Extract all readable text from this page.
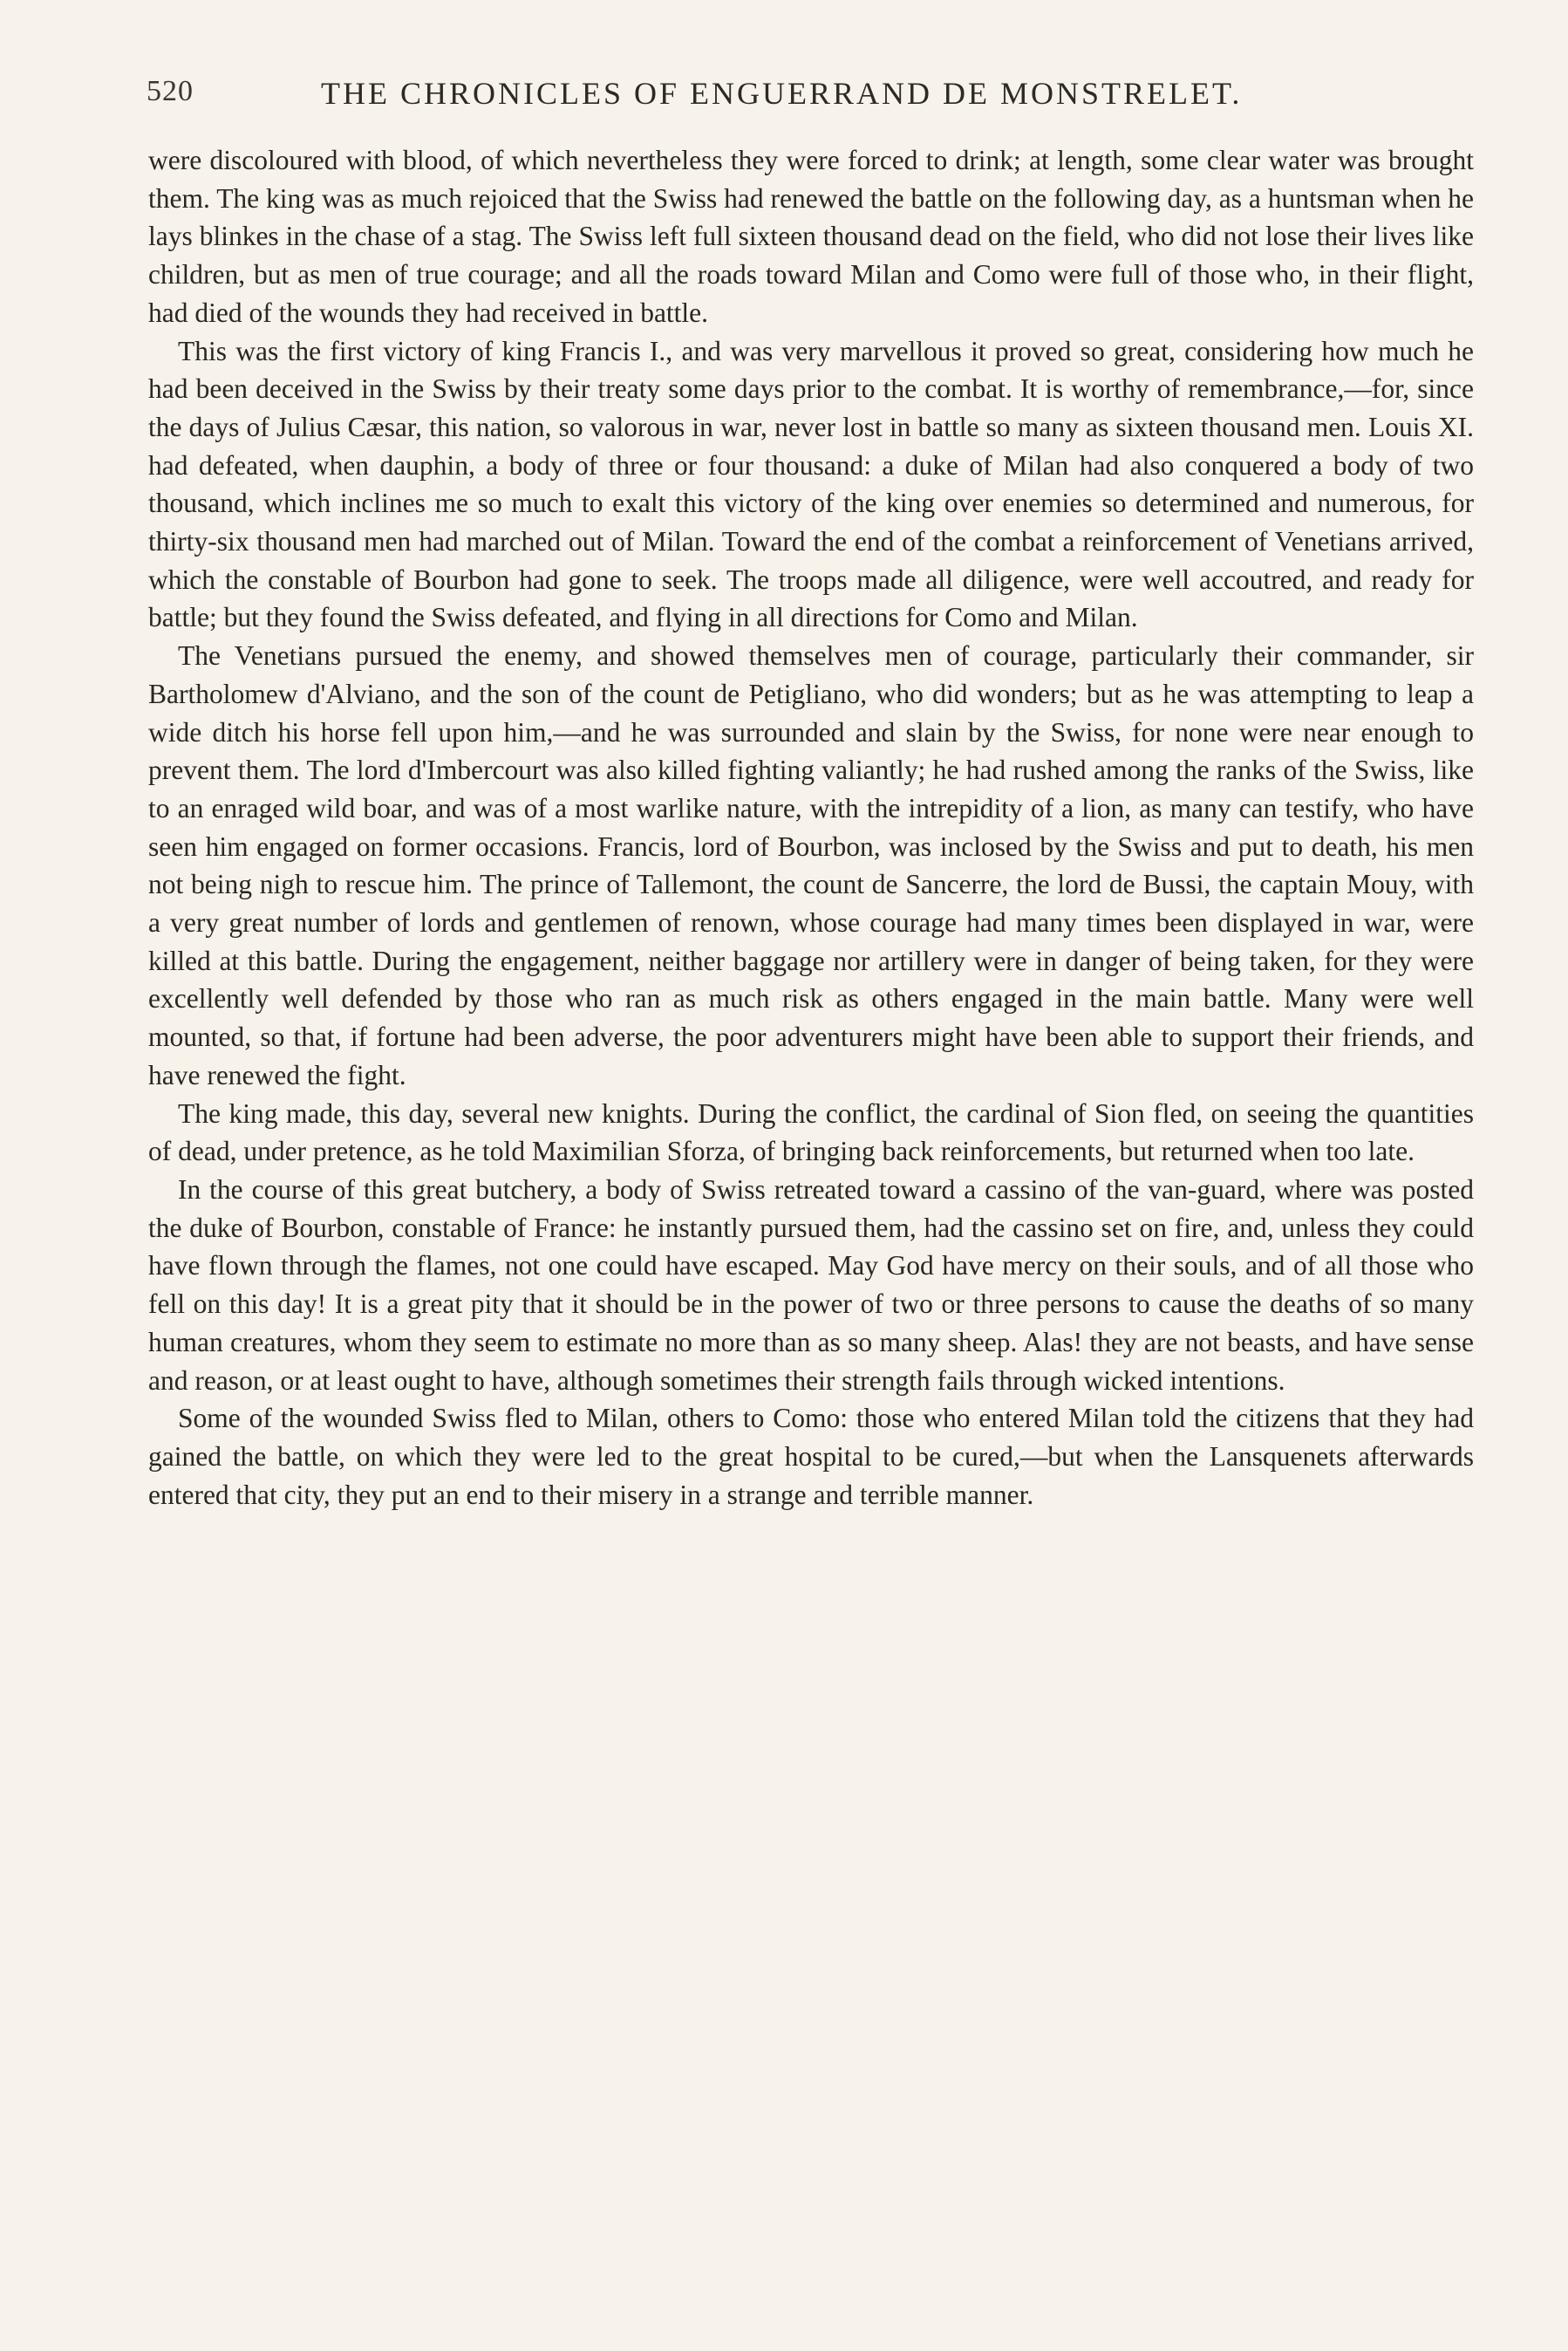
520	THE CHRONICLES OF ENGUERRAND DE MONSTRELET.

were discoloured with blood, of which nevertheless they were forced to drink; at length, some clear water was brought them. The king was as much rejoiced that the Swiss had renewed the battle on the following day, as a huntsman when he lays blinkes in the chase of a stag. The Swiss left full sixteen thousand dead on the field, who did not lose their lives like children, but as men of true courage; and all the roads toward Milan and Como were full of those who, in their flight, had died of the wounds they had received in battle.

This was the first victory of king Francis I., and was very marvellous it proved so great, considering how much he had been deceived in the Swiss by their treaty some days prior to the combat. It is worthy of remembrance,—for, since the days of Julius Cæsar, this nation, so valorous in war, never lost in battle so many as sixteen thousand men. Louis XI. had defeated, when dauphin, a body of three or four thousand: a duke of Milan had also conquered a body of two thousand, which inclines me so much to exalt this victory of the king over enemies so determined and numerous, for thirty-six thousand men had marched out of Milan. Toward the end of the combat a reinforcement of Venetians arrived, which the constable of Bourbon had gone to seek. The troops made all diligence, were well accoutred, and ready for battle; but they found the Swiss defeated, and flying in all directions for Como and Milan.

The Venetians pursued the enemy, and showed themselves men of courage, particularly their commander, sir Bartholomew d'Alviano, and the son of the count de Petigliano, who did wonders; but as he was attempting to leap a wide ditch his horse fell upon him,—and he was surrounded and slain by the Swiss, for none were near enough to prevent them. The lord d'Imbercourt was also killed fighting valiantly; he had rushed among the ranks of the Swiss, like to an enraged wild boar, and was of a most warlike nature, with the intrepidity of a lion, as many can testify, who have seen him engaged on former occasions. Francis, lord of Bourbon, was inclosed by the Swiss and put to death, his men not being nigh to rescue him. The prince of Tallemont, the count de Sancerre, the lord de Bussi, the captain Mouy, with a very great number of lords and gentlemen of renown, whose courage had many times been displayed in war, were killed at this battle. During the engagement, neither baggage nor artillery were in danger of being taken, for they were excellently well defended by those who ran as much risk as others engaged in the main battle. Many were well mounted, so that, if fortune had been adverse, the poor adventurers might have been able to support their friends, and have renewed the fight.

The king made, this day, several new knights. During the conflict, the cardinal of Sion fled, on seeing the quantities of dead, under pretence, as he told Maximilian Sforza, of bringing back reinforcements, but returned when too late.

In the course of this great butchery, a body of Swiss retreated toward a cassino of the van-guard, where was posted the duke of Bourbon, constable of France: he instantly pursued them, had the cassino set on fire, and, unless they could have flown through the flames, not one could have escaped. May God have mercy on their souls, and of all those who fell on this day! It is a great pity that it should be in the power of two or three persons to cause the deaths of so many human creatures, whom they seem to estimate no more than as so many sheep. Alas! they are not beasts, and have sense and reason, or at least ought to have, although sometimes their strength fails through wicked intentions.

Some of the wounded Swiss fled to Milan, others to Como: those who entered Milan told the citizens that they had gained the battle, on which they were led to the great hospital to be cured,—but when the Lansquenets afterwards entered that city, they put an end to their misery in a strange and terrible manner.
